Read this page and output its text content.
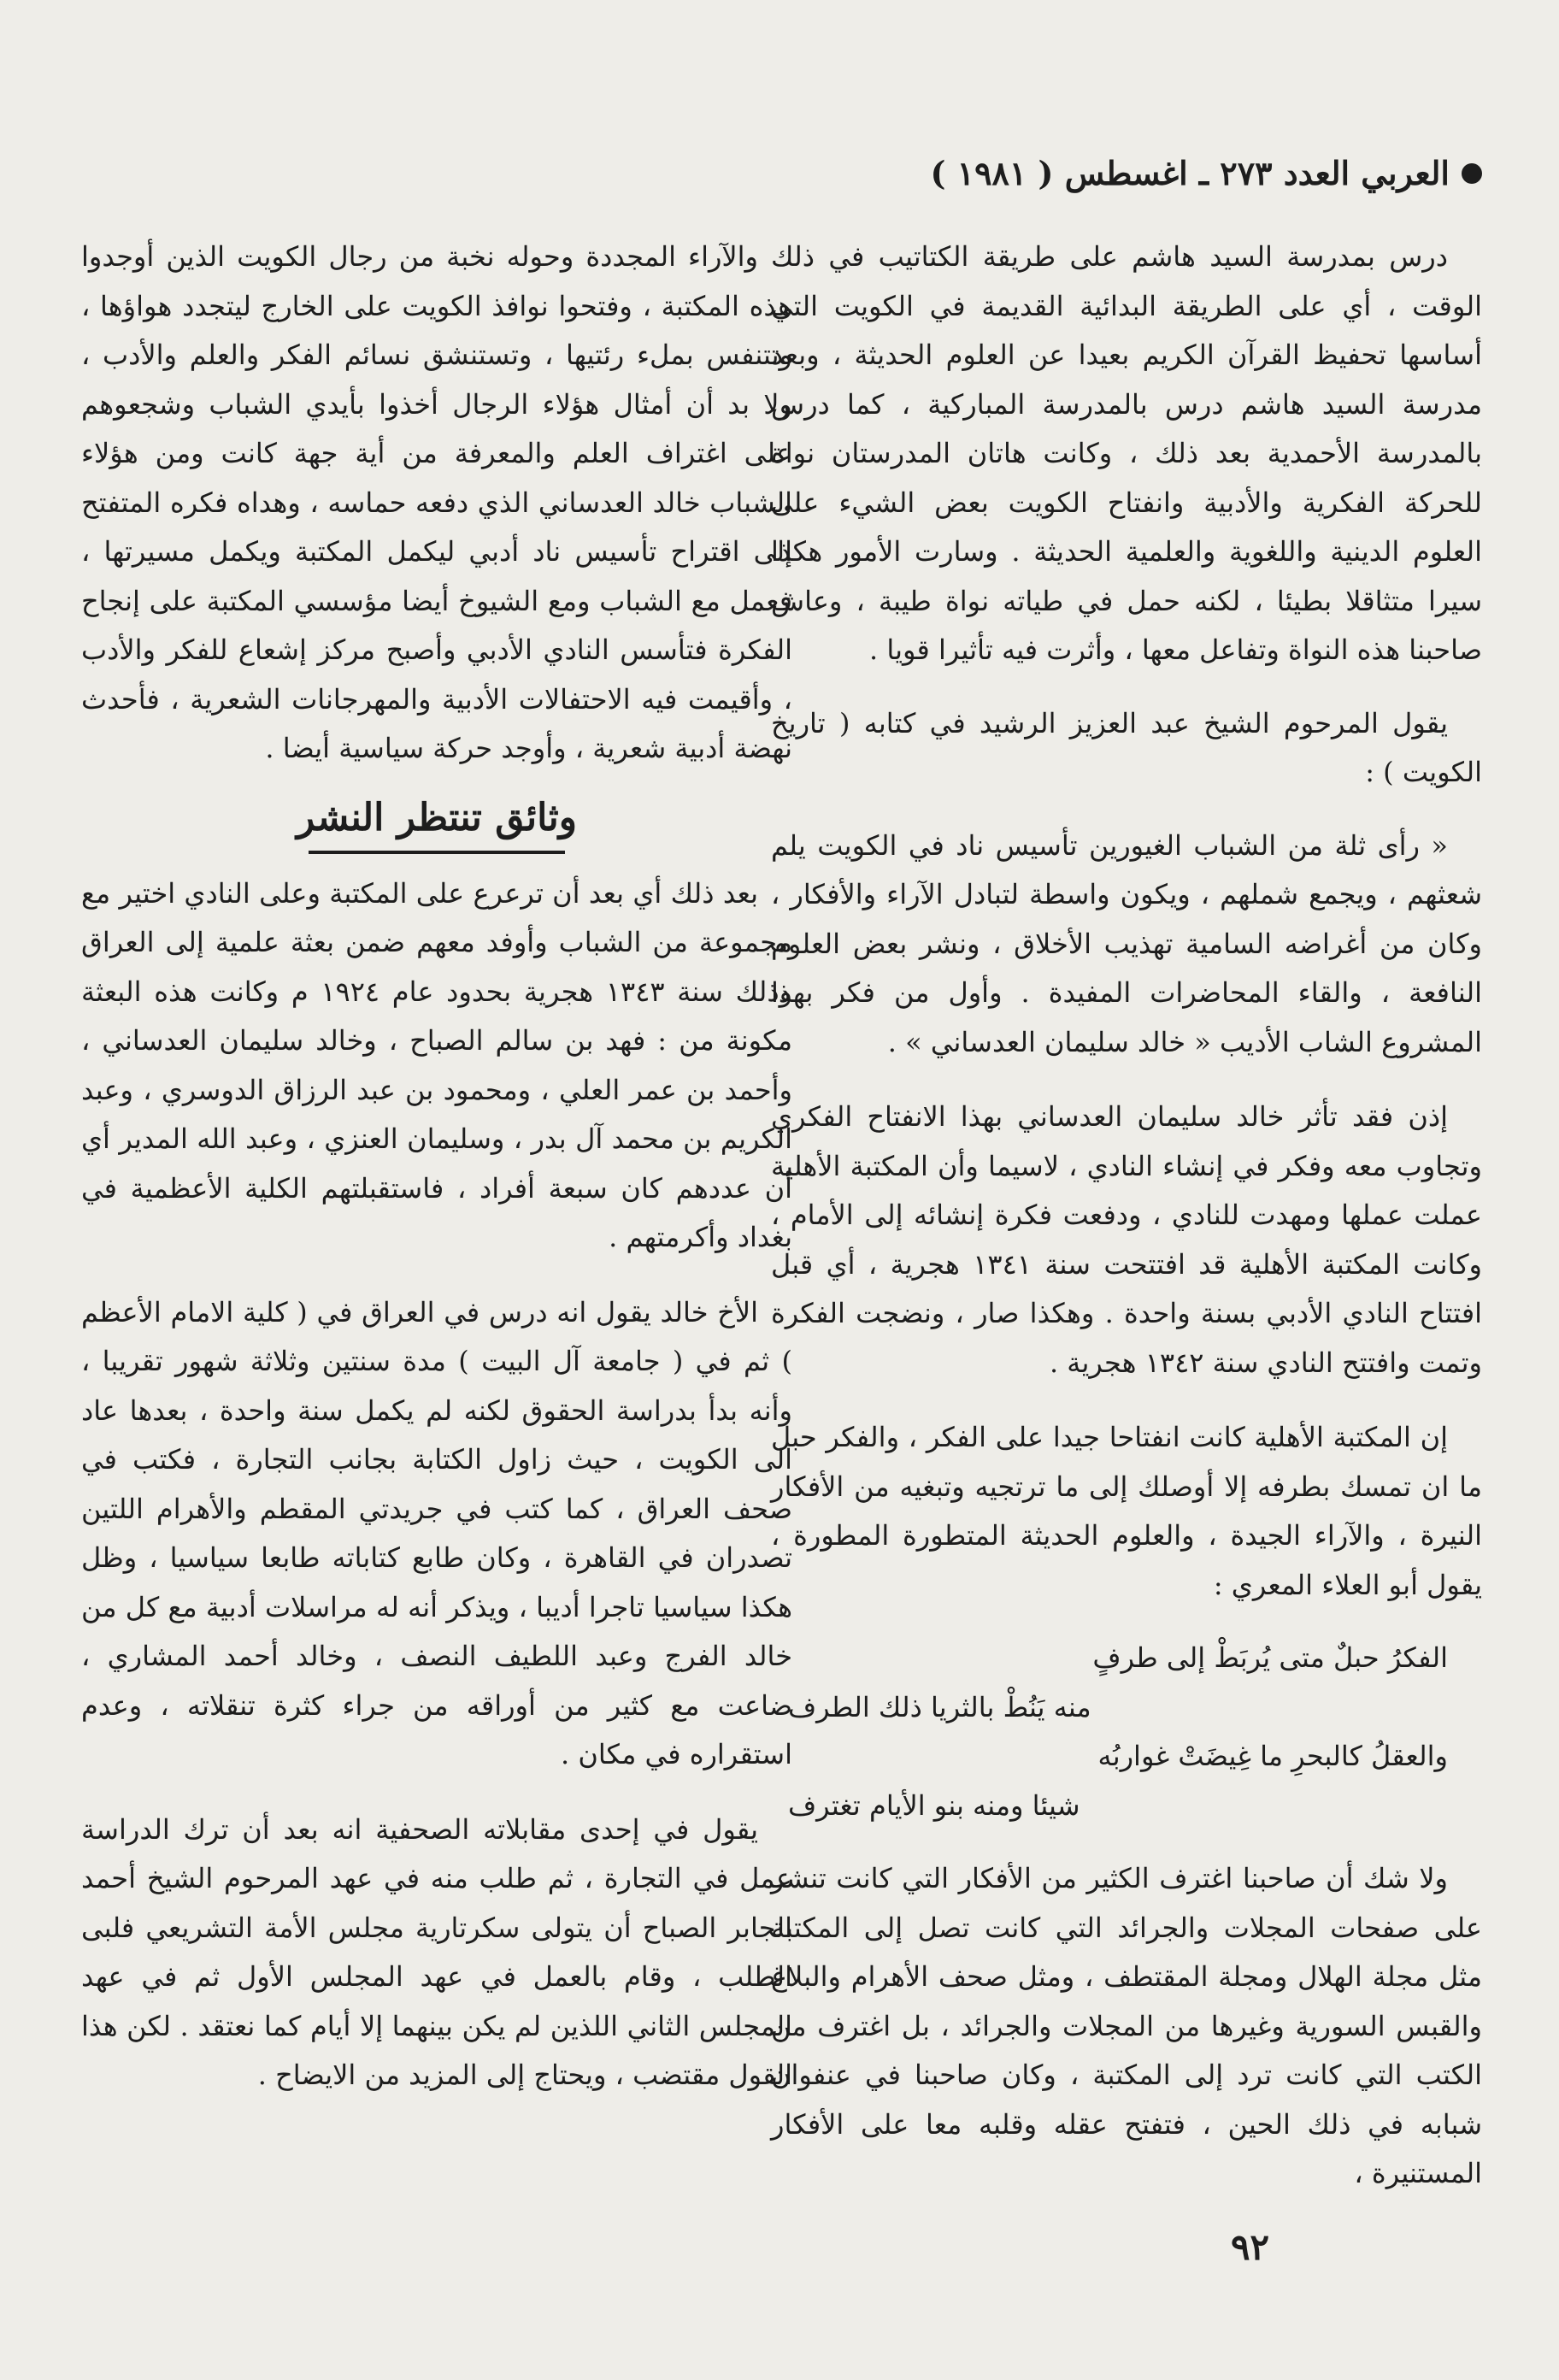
العربي العدد ٢٧٣ ـ اغسطس ( ١٩٨١ )

درس بمدرسة السيد هاشم على طريقة الكتاتيب في ذلك الوقت ، أي على الطريقة البدائية القديمة في الكويت التي أساسها تحفيظ القرآن الكريم بعيدا عن العلوم الحديثة ، وبعد مدرسة السيد هاشم درس بالمدرسة المباركية ، كما درس بالمدرسة الأحمدية بعد ذلك ، وكانت هاتان المدرستان نواة للحركة الفكرية والأدبية وانفتاح الكويت بعض الشيء على العلوم الدينية واللغوية والعلمية الحديثة . وسارت الأمور هكذا سيرا متثاقلا بطيئا ، لكنه حمل في طياته نواة طيبة ، وعاش صاحبنا هذه النواة وتفاعل معها ، وأثرت فيه تأثيرا قويا .

يقول المرحوم الشيخ عبد العزيز الرشيد في كتابه ( تاريخ الكويت ) :

« رأى ثلة من الشباب الغيورين تأسيس ناد في الكويت يلم شعثهم ، ويجمع شملهم ، ويكون واسطة لتبادل الآراء والأفكار ، وكان من أغراضه السامية تهذيب الأخلاق ، ونشر بعض العلوم النافعة ، والقاء المحاضرات المفيدة . وأول من فكر بهذا المشروع الشاب الأديب « خالد سليمان العدساني » .

إذن فقد تأثر خالد سليمان العدساني بهذا الانفتاح الفكري وتجاوب معه وفكر في إنشاء النادي ، لاسيما وأن المكتبة الأهلية عملت عملها ومهدت للنادي ، ودفعت فكرة إنشائه إلى الأمام ، وكانت المكتبة الأهلية قد افتتحت سنة ١٣٤١ هجرية ، أي قبل افتتاح النادي الأدبي بسنة واحدة . وهكذا صار ، ونضجت الفكرة وتمت وافتتح النادي سنة ١٣٤٢ هجرية .

إن المكتبة الأهلية كانت انفتاحا جيدا على الفكر ، والفكر حبل ما ان تمسك بطرفه إلا أوصلك إلى ما ترتجيه وتبغيه من الأفكار النيرة ، والآراء الجيدة ، والعلوم الحديثة المتطورة المطورة ، يقول أبو العلاء المعري :

الفكرُ حبلٌ متى يُربَطْ إلى طرفٍ
منه يَنُطْ بالثريا ذلك الطرف
والعقلُ كالبحرِ ما غِيضَتْ غواربُه
شيئا ومنه بنو الأيام تغترف

ولا شك أن صاحبنا اغترف الكثير من الأفكار التي كانت تنشر على صفحات المجلات والجرائد التي كانت تصل إلى المكتبة مثل مجلة الهلال ومجلة المقتطف ، ومثل صحف الأهرام والبلاغ والقبس السورية وغيرها من المجلات والجرائد ، بل اغترف من الكتب التي كانت ترد إلى المكتبة ، وكان صاحبنا في عنفوان شبابه في ذلك الحين ، فتفتح عقله وقلبه معا على الأفكار المستنيرة ،

والآراء المجددة وحوله نخبة من رجال الكويت الذين أوجدوا هذه المكتبة ، وفتحوا نوافذ الكويت على الخارج ليتجدد هواؤها ، وتتنفس بملء رئتيها ، وتستنشق نسائم الفكر والعلم والأدب ، ولا بد أن أمثال هؤلاء الرجال أخذوا بأيدي الشباب وشجعوهم على اغتراف العلم والمعرفة من أية جهة كانت ومن هؤلاء الشباب خالد العدساني الذي دفعه حماسه ، وهداه فكره المتفتح إلى اقتراح تأسيس ناد أدبي ليكمل المكتبة ويكمل مسيرتها ، فعمل مع الشباب ومع الشيوخ أيضا مؤسسي المكتبة على إنجاح الفكرة فتأسس النادي الأدبي وأصبح مركز إشعاع للفكر والأدب ، وأقيمت فيه الاحتفالات الأدبية والمهرجانات الشعرية ، فأحدث نهضة أدبية شعرية ، وأوجد حركة سياسية أيضا .

وثائق تنتظر النشر

بعد ذلك أي بعد أن ترعرع على المكتبة وعلى النادي اختير مع مجموعة من الشباب وأوفد معهم ضمن بعثة علمية إلى العراق وذلك سنة ١٣٤٣ هجرية بحدود عام ١٩٢٤ م وكانت هذه البعثة مكونة من : فهد بن سالم الصباح ، وخالد سليمان العدساني ، وأحمد بن عمر العلي ، ومحمود بن عبد الرزاق الدوسري ، وعبد الكريم بن محمد آل بدر ، وسليمان العنزي ، وعبد الله المدير أي أن عددهم كان سبعة أفراد ، فاستقبلتهم الكلية الأعظمية في بغداد وأكرمتهم .

الأخ خالد يقول انه درس في العراق في ( كلية الامام الأعظم ) ثم في ( جامعة آل البيت ) مدة سنتين وثلاثة شهور تقريبا ، وأنه بدأ بدراسة الحقوق لكنه لم يكمل سنة واحدة ، بعدها عاد الى الكويت ، حيث زاول الكتابة بجانب التجارة ، فكتب في صحف العراق ، كما كتب في جريدتي المقطم والأهرام اللتين تصدران في القاهرة ، وكان طابع كتاباته طابعا سياسيا ، وظل هكذا سياسيا تاجرا أديبا ، ويذكر أنه له مراسلات أدبية مع كل من خالد الفرج وعبد اللطيف النصف ، وخالد أحمد المشاري ، ضاعت مع كثير من أوراقه من جراء كثرة تنقلاته ، وعدم استقراره في مكان .

يقول في إحدى مقابلاته الصحفية انه بعد أن ترك الدراسة عمل في التجارة ، ثم طلب منه في عهد المرحوم الشيخ أحمد الجابر الصباح أن يتولى سكرتارية مجلس الأمة التشريعي فلبى الطلب ، وقام بالعمل في عهد المجلس الأول ثم في عهد المجلس الثاني اللذين لم يكن بينهما إلا أيام كما نعتقد . لكن هذا القول مقتضب ، ويحتاج إلى المزيد من الايضاح .

٩٢
